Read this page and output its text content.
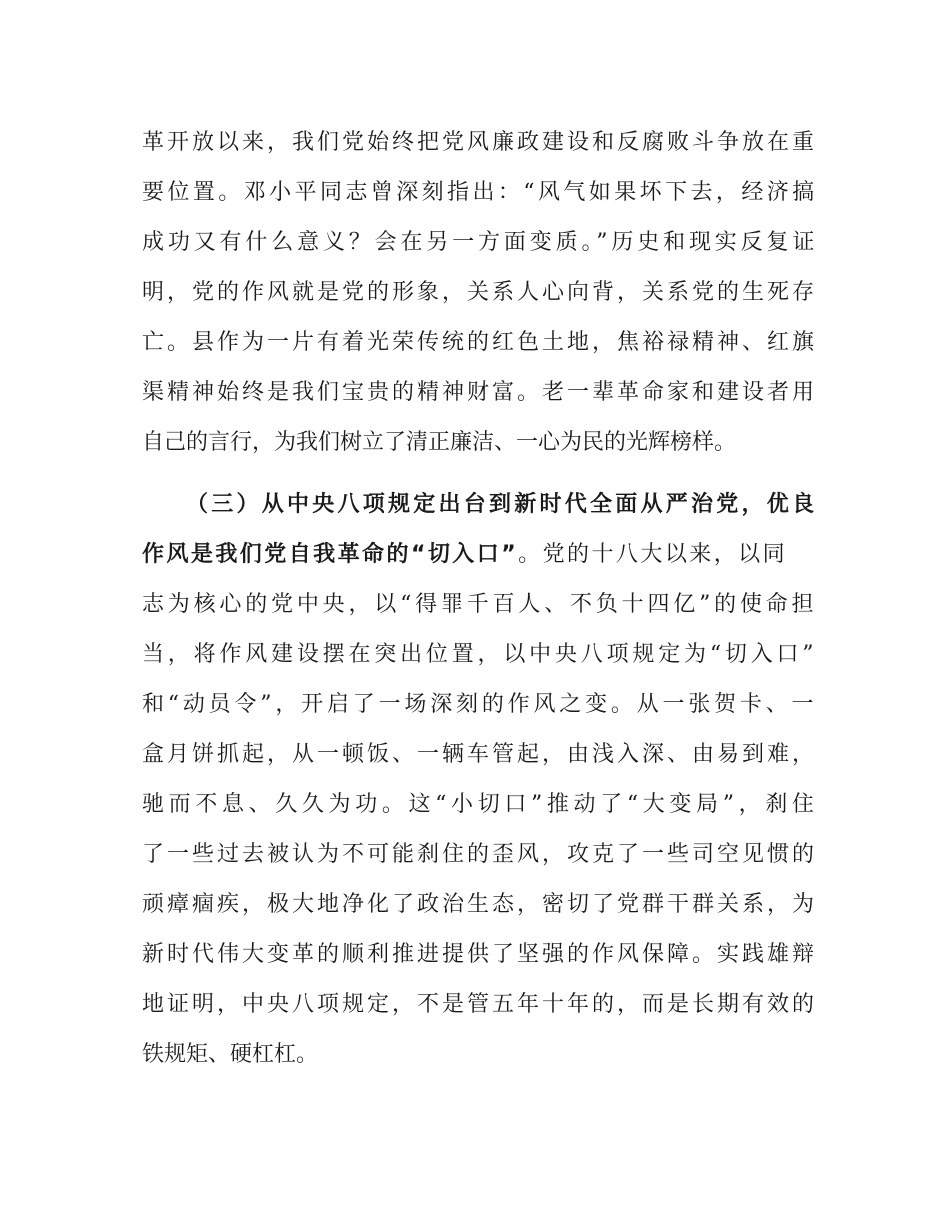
革开放以来，我们党始终把党风廉政建设和反腐败斗争放在重
要位置。邓小平同志曾深刻指出：“风气如果坏下去，经济搞
成功又有什么意义？会在另一方面变质。”历史和现实反复证
明，党的作风就是党的形象，关系人心向背，关系党的生死存
亡。县作为一片有着光荣传统的红色土地，焦裕禄精神、红旗
渠精神始终是我们宝贵的精神财富。老一辈革命家和建设者用
自己的言行，为我们树立了清正廉洁、一心为民的光辉榜样。
（三）从中央八项规定出台到新时代全面从严治党，优良
作风是我们党自我革命的“切入口”。党的十八大以来，以同
志为核心的党中央，以“得罪千百人、不负十四亿”的使命担
当，将作风建设摆在突出位置，以中央八项规定为“切入口”
和“动员令”，开启了一场深刻的作风之变。从一张贺卡、一
盒月饼抓起，从一顿饭、一辆车管起，由浅入深、由易到难，
驰而不息、久久为功。这“小切口”推动了“大变局”，刹住
了一些过去被认为不可能刹住的歪风，攻克了一些司空见惯的
顽瘴痼疾，极大地净化了政治生态，密切了党群干群关系，为
新时代伟大变革的顺利推进提供了坚强的作风保障。实践雄辩
地证明，中央八项规定，不是管五年十年的，而是长期有效的
铁规矩、硬杠杠。
